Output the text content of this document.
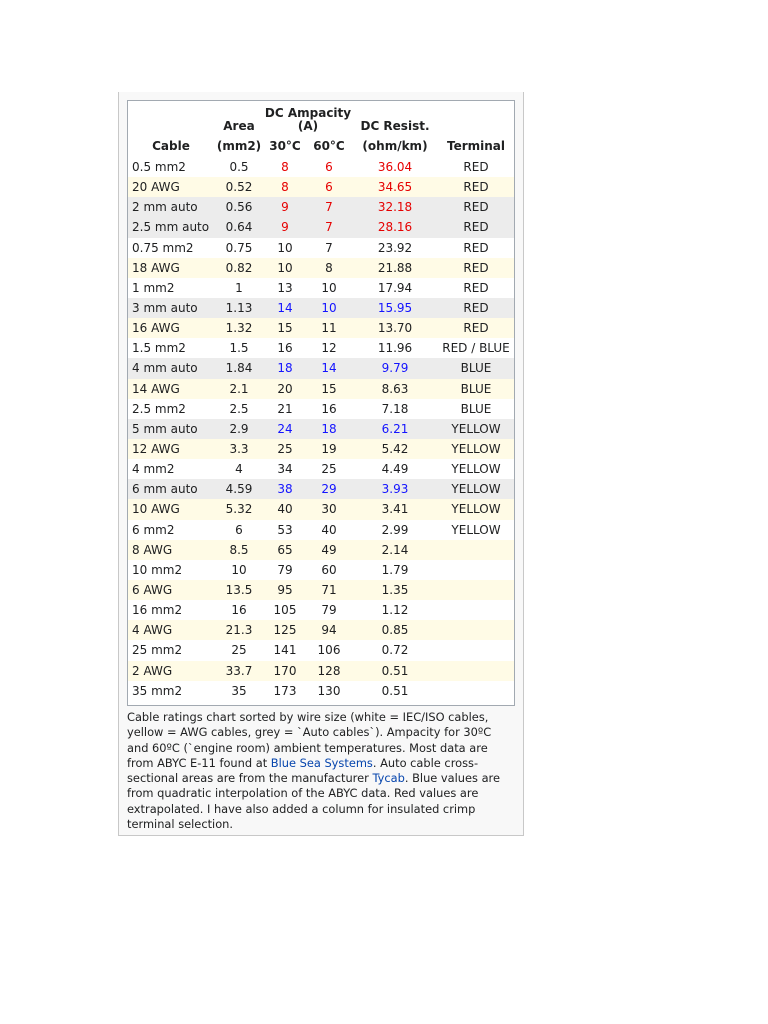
	Area	DC Ampacity
(A)		DC Resist.	
Cable	(mm2)	30°C	60°C	(ohm/km)	Terminal
0.5 mm2	0.5	8	6	36.04	RED
20 AWG	0.52	8	6	34.65	RED
2 mm auto	0.56	9	7	32.18	RED
2.5 mm auto	0.64	9	7	28.16	RED
0.75 mm2	0.75	10	7	23.92	RED
18 AWG	0.82	10	8	21.88	RED
1 mm2	1	13	10	17.94	RED
3 mm auto	1.13	14	10	15.95	RED
16 AWG	1.32	15	11	13.70	RED
1.5 mm2	1.5	16	12	11.96	RED / BLUE
4 mm auto	1.84	18	14	9.79	BLUE
14 AWG	2.1	20	15	8.63	BLUE
2.5 mm2	2.5	21	16	7.18	BLUE
5 mm auto	2.9	24	18	6.21	YELLOW
12 AWG	3.3	25	19	5.42	YELLOW
4 mm2	4	34	25	4.49	YELLOW
6 mm auto	4.59	38	29	3.93	YELLOW
10 AWG	5.32	40	30	3.41	YELLOW
6 mm2	6	53	40	2.99	YELLOW
8 AWG	8.5	65	49	2.14	
10 mm2	10	79	60	1.79	
6 AWG	13.5	95	71	1.35	
16 mm2	16	105	79	1.12	
4 AWG	21.3	125	94	0.85	
25 mm2	25	141	106	0.72	
2 AWG	33.7	170	128	0.51	
35 mm2	35	173	130	0.51	
Cable ratings chart sorted by wire size (white = IEC/ISO cables, yellow = AWG cables, grey = `Auto cables`). Ampacity for 30ºC and 60ºC (`engine room) ambient temperatures. Most data are from ABYC E-11 found at Blue Sea Systems. Auto cable cross-sectional areas are from the manufacturer Tycab. Blue values are from quadratic interpolation of the ABYC data. Red values are extrapolated. I have also added a column for insulated crimp terminal selection.
